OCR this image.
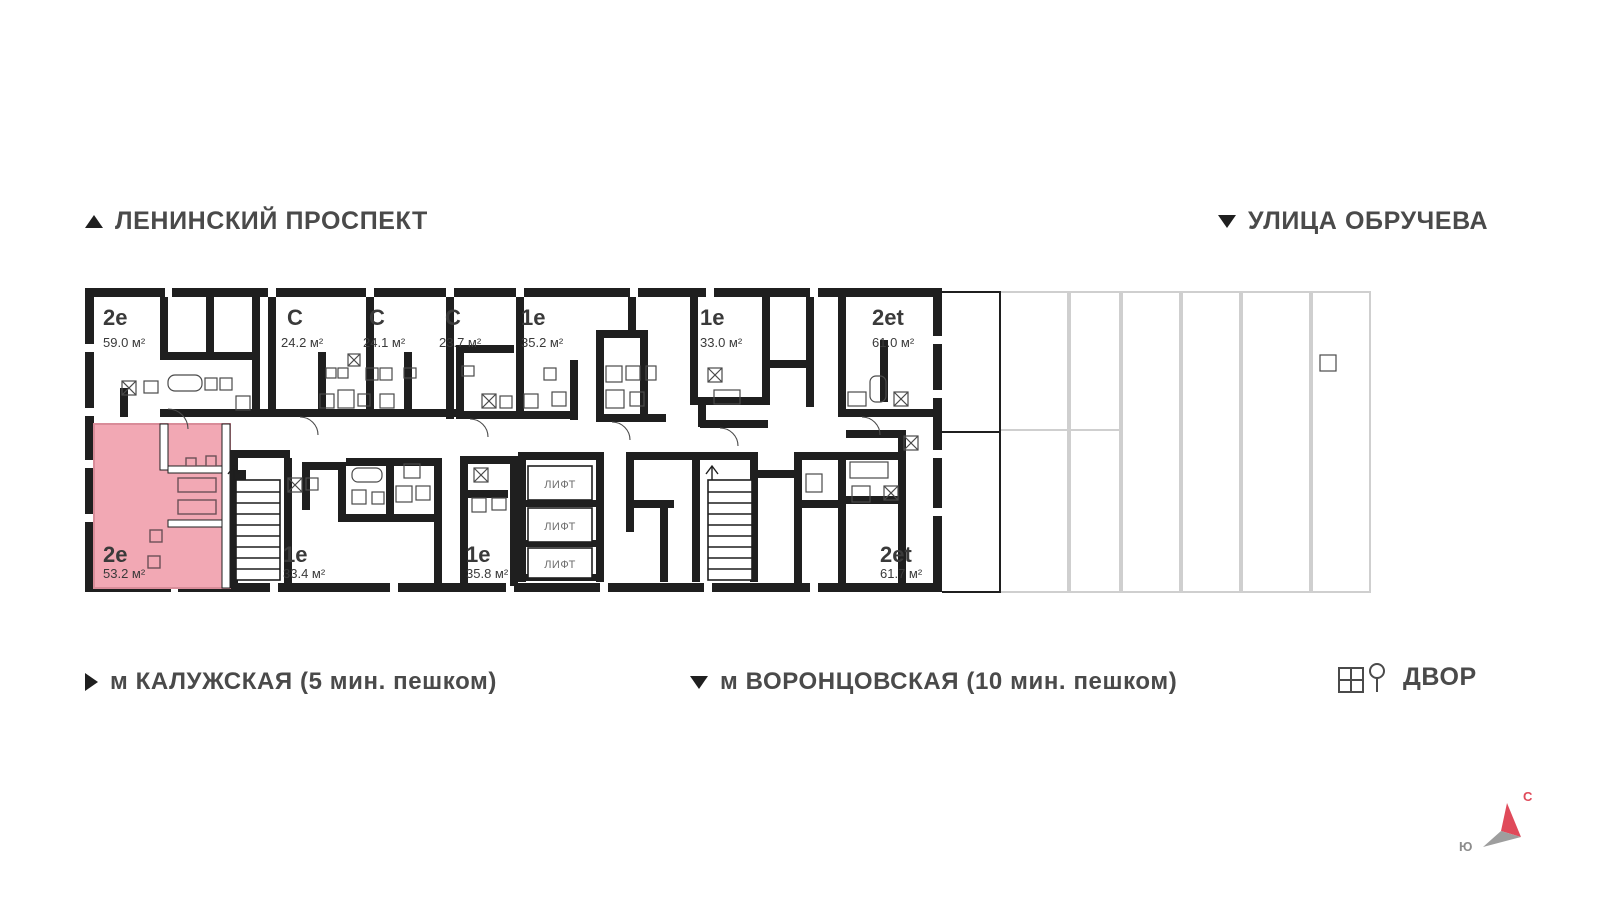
ЛЕНИНСКИЙ ПРОСПЕКТ	УЛИЦА ОБРУЧЕВА
ЛИФТ
ЛИФТ
ЛИФТ
2e
59.0 м²
C
24.2 м²
C
24.1 м²
C
23.7 м²
1e
35.2 м²
1e
33.0 м²
2et
61.0 м²
2e
53.2 м²
1e
33.4 м²
1e
35.8 м²
2et
61.7 м²
м КАЛУЖСКАЯ (5 мин. пешком)	м ВОРОНЦОВСКАЯ (10 мин. пешком)	ДВОР
С
Ю
